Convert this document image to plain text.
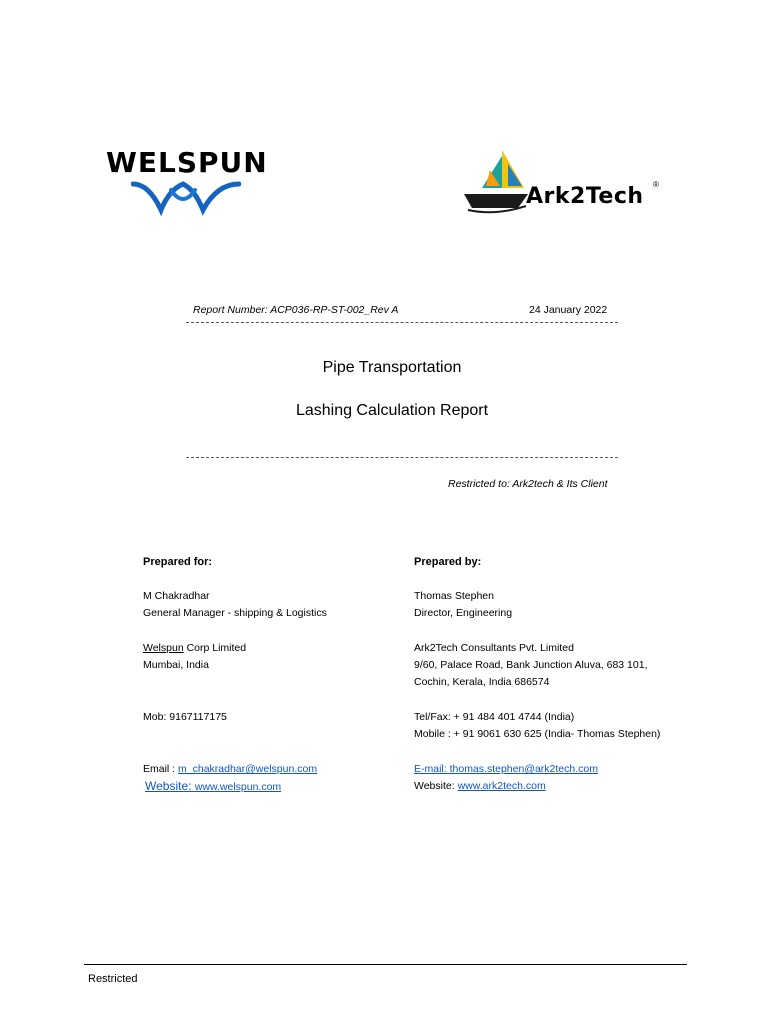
WELSPUN
Ark2Tech ®
Report Number: ACP036-RP-ST-002_Rev A	24 January 2022
Pipe Transportation
Lashing Calculation Report
Restricted to: Ark2tech & Its Client
Prepared for:
M Chakradhar
General Manager - shipping & Logistics
Welspun Corp Limited
Mumbai, India
Mob: 9167117175
Email : m_chakradhar@welspun.com
Website: www.welspun.com
Prepared by:
Thomas Stephen
Director, Engineering
Ark2Tech Consultants Pvt. Limited
9/60, Palace Road, Bank Junction Aluva, 683 101,
Cochin, Kerala, India 686574
Tel/Fax: + 91 484 401 4744 (India)
Mobile : + 91 9061 630 625 (India- Thomas Stephen)
E-mail: thomas.stephen@ark2tech.com
Website: www.ark2tech.com
Restricted
